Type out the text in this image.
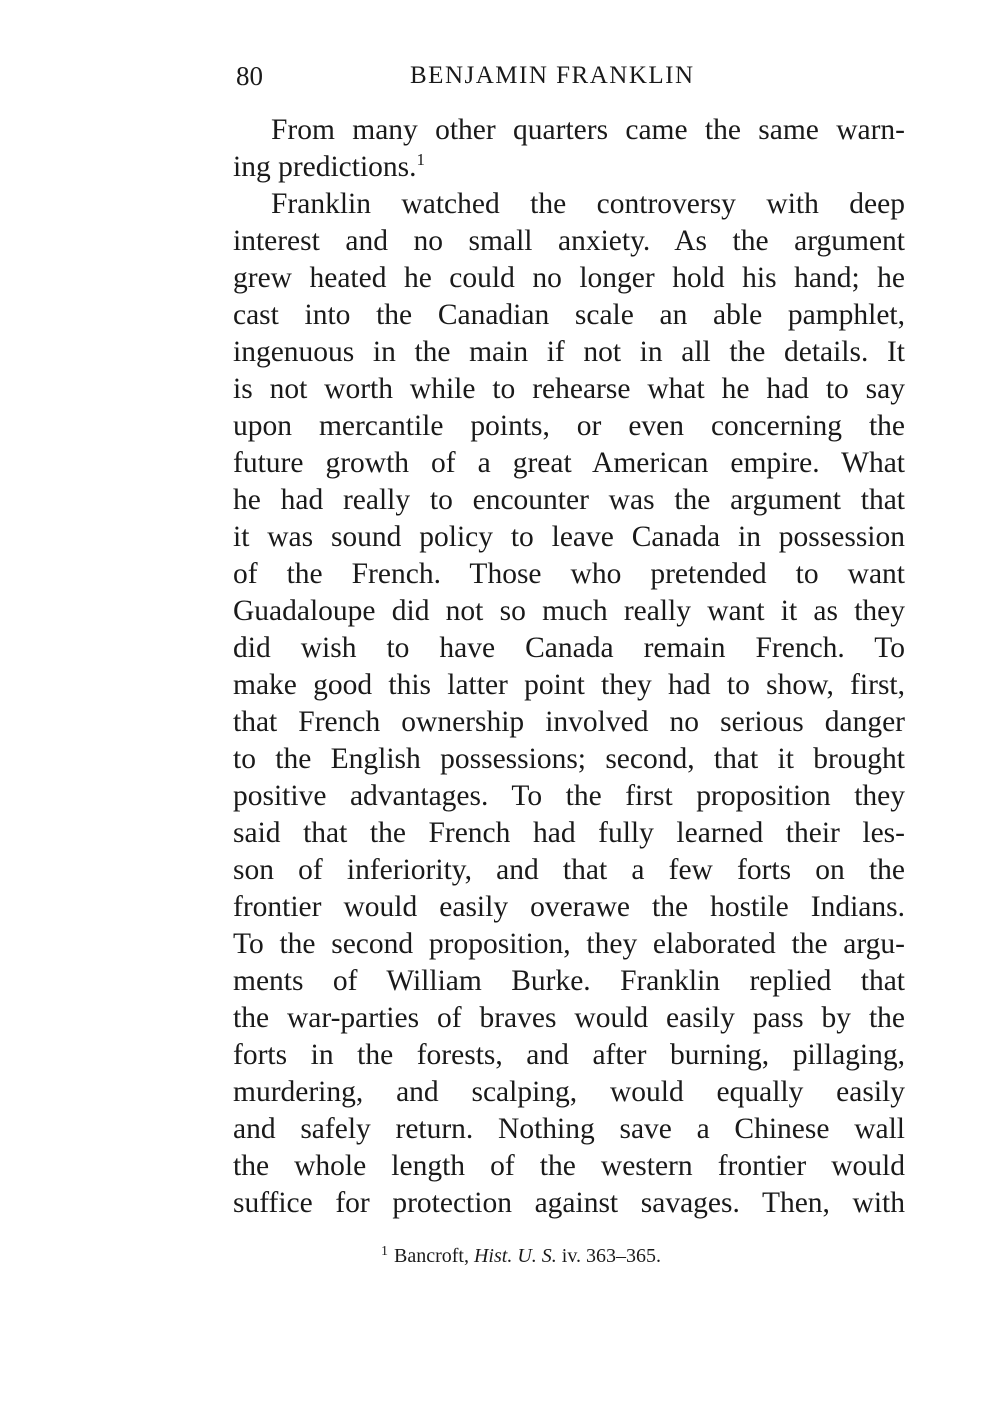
80	BENJAMIN FRANKLIN
From many other quarters came the same warn-
ing predictions.$^1$
Franklin watched the controversy with deep
interest and no small anxiety. As the argument
grew heated he could no longer hold his hand; he
cast into the Canadian scale an able pamphlet,
ingenuous in the main if not in all the details. It
is not worth while to rehearse what he had to say
upon mercantile points, or even concerning the
future growth of a great American empire. What
he had really to encounter was the argument that
it was sound policy to leave Canada in possession
of the French. Those who pretended to want
Guadaloupe did not so much really want it as they
did wish to have Canada remain French. To
make good this latter point they had to show, first,
that French ownership involved no serious danger
to the English possessions; second, that it brought
positive advantages. To the first proposition they
said that the French had fully learned their les-
son of inferiority, and that a few forts on the
frontier would easily overawe the hostile Indians.
To the second proposition, they elaborated the argu-
ments of William Burke. Franklin replied that
the war-parties of braves would easily pass by the
forts in the forests, and after burning, pillaging,
murdering, and scalping, would equally easily
and safely return. Nothing save a Chinese wall
the whole length of the western frontier would
suffice for protection against savages. Then, with
$^1$ Bancroft, Hist. U. S. iv. 363–365.
